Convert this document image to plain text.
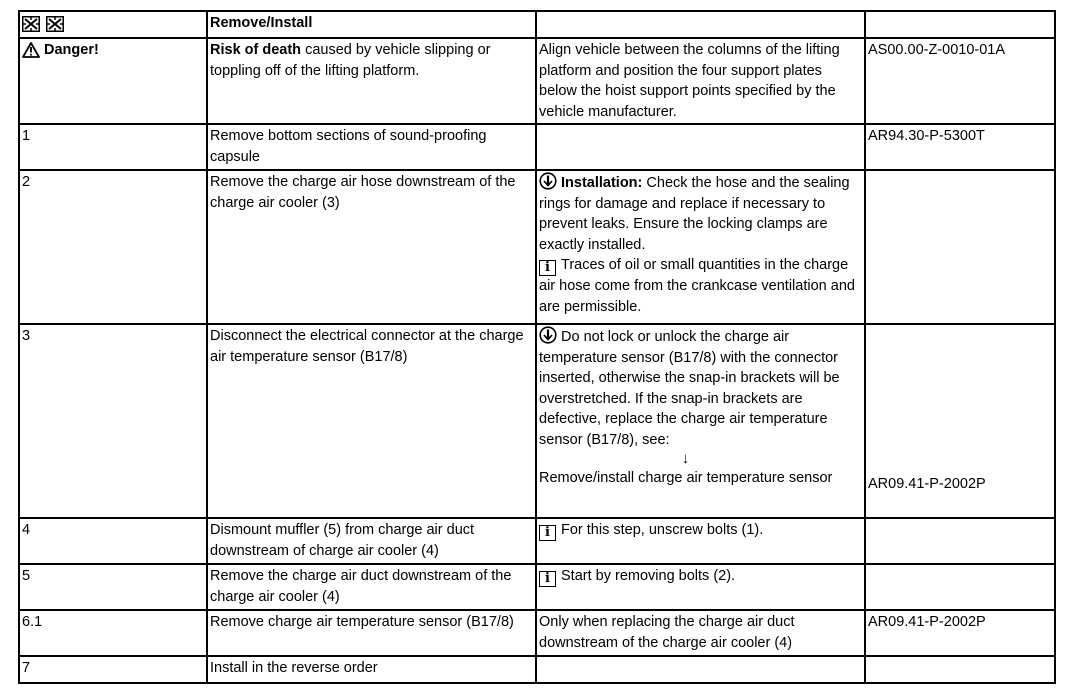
	Remove/Install		

Danger!	Risk of death caused by vehicle slipping or toppling off of the lifting platform.	Align vehicle between the columns of the lifting platform and position the four support plates below the hoist support points specified by the vehicle manufacturer.	AS00.00-Z-0010-01A
1	Remove bottom sections of sound-proofing capsule		AR94.30-P-5300T
2	Remove the charge air hose downstream of the charge air cooler (3)	Installation: Check the hose and the sealing rings for damage and replace if necessary to prevent leaks. Ensure the locking clamps are exactly installed.
i Traces of oil or small quantities in the charge air hose come from the crankcase ventilation and are permissible.	

3	Disconnect the electrical connector at the charge air temperature sensor (B17/8)	Do not lock or unlock the charge air temperature sensor (B17/8) with the connector inserted, otherwise the snap-in brackets will be overstretched. If the snap-in brackets are defective, replace the charge air temperature sensor (B17/8), see:
↓
Remove/install charge air temperature sensor	AR09.41-P-2002P

4	Dismount muffler (5) from charge air duct downstream of charge air cooler (4)	i For this step, unscrew bolts (1).	
5	Remove the charge air duct downstream of the charge air cooler (4)	i Start by removing bolts (2).	
6.1	Remove charge air temperature sensor (B17/8)	Only when replacing the charge air duct downstream of the charge air cooler (4)	AR09.41-P-2002P
7	Install in the reverse order		
